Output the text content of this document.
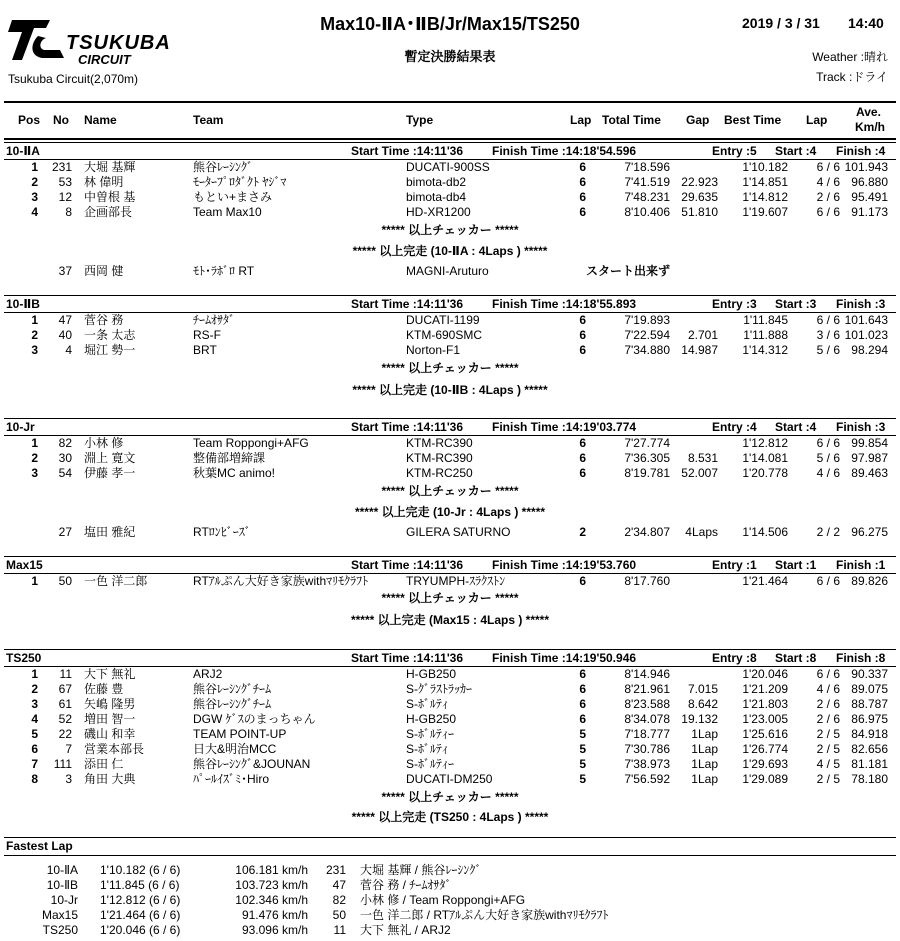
TSUKUBA
CIRCUIT
Tsukuba Circuit(2,070m)
Max10-ⅡA･ⅡB/Jr/Max15/TS250
暫定決勝結果表
2019 / 3 / 31 14:40
Weather :晴れ
Track :ドライ
Pos No Name	Team	Type	Lap Total Time Gap Best Time Lap
Ave.
Km/h
10-ⅡA	Start Time :14:11'36 Finish Time :14:18'54.596	Entry :5 Start :4 Finish :4
1 231 大堀 基輝	熊谷ﾚｰｼﾝｸﾞ	DUCATI-900SS	6	7'18.596	1'10.182	6 / 6 101.943
2	53 林 偉明	ﾓｰﾀｰﾌﾟﾛﾀﾞｸﾄ ﾔｼﾞﾏ	bimota-db2	6	7'41.519 22.923	1'14.851	4 / 6 96.880
3	12 中曽根 基	もとい+まさみ	bimota-db4	6	7'48.231 29.635	1'14.812	2 / 6 95.491
4	8 企画部長	Team Max10	HD-XR1200	6	8'10.406 51.810	1'19.607	6 / 6 91.173
***** 以上チェッカー *****
***** 以上完走 (10-ⅡA : 4Laps ) *****
37 西岡 健	ﾓﾄ･ﾗﾎﾞﾛ RT	MAGNI-Aruturo	スタート出来ず
10-ⅡB	Start Time :14:11'36 Finish Time :14:18'55.893	Entry :3 Start :3 Finish :3
1	47 菅谷 務	ﾁｰﾑｵｻﾀﾞ	DUCATI-1199	6	7'19.893	1'11.845	6 / 6 101.643
2	40 一条 太志	RS-F	KTM-690SMC	6	7'22.594	2.701	1'11.888	3 / 6 101.023
3	4 堀江 勢一	BRT	Norton-F1	6	7'34.880 14.987	1'14.312	5 / 6 98.294
***** 以上チェッカー *****
***** 以上完走 (10-ⅡB : 4Laps ) *****
10-Jr	Start Time :14:11'36 Finish Time :14:19'03.774	Entry :4 Start :4 Finish :3
1	82 小林 修	Team Roppongi+AFG	KTM-RC390	6	7'27.774	1'12.812	6 / 6 99.854
2	30 淵上 寛文	整備部増締課	KTM-RC390	6	7'36.305	8.531	1'14.081	5 / 6 97.987
3	54 伊藤 孝一	秋葉MC animo!	KTM-RC250	6	8'19.781 52.007	1'20.778	4 / 6 89.463
***** 以上チェッカー *****
***** 以上完走 (10-Jr : 4Laps ) *****
27 塩田 雅紀	RTﾛﾝﾋﾞｰｽﾞ	GILERA SATURNO	2	2'34.807	4Laps	1'14.506	2 / 2 96.275
Max15	Start Time :14:11'36 Finish Time :14:19'53.760	Entry :1 Start :1 Finish :1
1	50 一色 洋二郎	RTｱﾙぷん大好き家族withﾏﾘﾓｸﾗﾌﾄ	TRYUMPH-ｽﾗｸｽﾄﾝ	6	8'17.760	1'21.464	6 / 6 89.826
***** 以上チェッカー *****
***** 以上完走 (Max15 : 4Laps ) *****
TS250	Start Time :14:11'36 Finish Time :14:19'50.946	Entry :8 Start :8 Finish :8
1	11 大下 無礼	ARJ2	H-GB250	6	8'14.946	1'20.046	6 / 6 90.337
2	67 佐藤 豊	熊谷ﾚｰｼﾝｸﾞﾁｰﾑ	S-ｸﾞﾗｽﾄﾗｯｶｰ	6	8'21.961	7.015	1'21.209	4 / 6 89.075
3	61 矢嶋 隆男	熊谷ﾚｰｼﾝｸﾞﾁｰﾑ	S-ﾎﾞﾙﾃｨ	6	8'23.588	8.642	1'21.803	2 / 6 88.787
4	52 増田 智一	DGW ｹﾞｽのまっちゃん	H-GB250	6	8'34.078 19.132	1'23.005	2 / 6 86.975
5	22 磯山 和幸	TEAM POINT-UP	S-ﾎﾞﾙﾃｨｰ	5	7'18.777	1Lap	1'25.616	2 / 5 84.918
6	7 営業本部長	日大&明治MCC	S-ﾎﾞﾙﾃｨ	5	7'30.786	1Lap	1'26.774	2 / 5 82.656
7	111 添田 仁	熊谷ﾚｰｼﾝｸﾞ&JOUNAN	S-ﾎﾞﾙﾃｨｰ	5	7'38.973	1Lap	1'29.693	4 / 5 81.181
8	3 角田 大典	ﾊﾟｰﾙｲｽﾞﾐ･Hiro	DUCATI-DM250	5	7'56.592	1Lap	1'29.089	2 / 5 78.180
***** 以上チェッカー *****
***** 以上完走 (TS250 : 4Laps ) *****
Fastest Lap
10-ⅡA 1'10.182 (6 / 6)	106.181 km/h	231 大堀 基輝 / 熊谷ﾚｰｼﾝｸﾞ
10-ⅡB 1'11.845 (6 / 6)	103.723 km/h	47 菅谷 務 / ﾁｰﾑｵｻﾀﾞ
10-Jr 1'12.812 (6 / 6)	102.346 km/h	82 小林 修 / Team Roppongi+AFG
Max15 1'21.464 (6 / 6)	91.476 km/h	50 一色 洋二郎 / RTｱﾙぷん大好き家族withﾏﾘﾓｸﾗﾌﾄ
TS250 1'20.046 (6 / 6)	93.096 km/h	11 大下 無礼 / ARJ2
